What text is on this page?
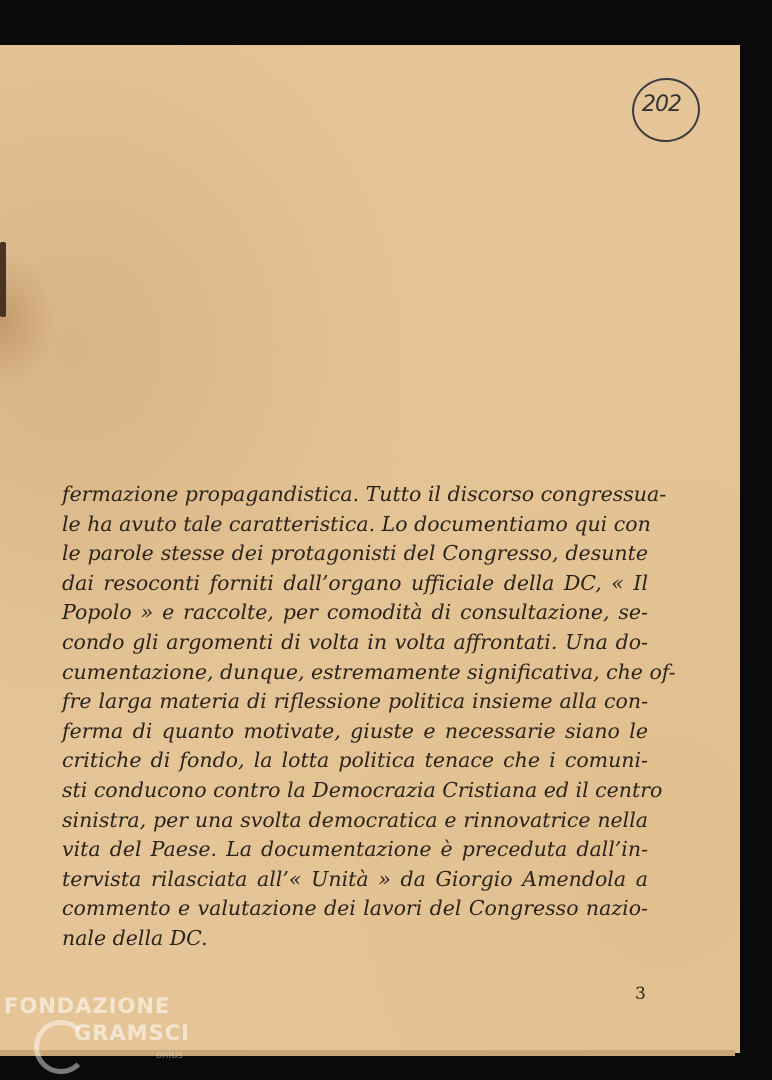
202
fermazione propagandistica. Tutto il discorso congressua-
le ha avuto tale caratteristica. Lo documentiamo qui con
le parole stesse dei protagonisti del Congresso, desunte
dai resoconti forniti dall’organo ufficiale della DC, « Il
Popolo » e raccolte, per comodità di consultazione, se-
condo gli argomenti di volta in volta affrontati. Una do-
cumentazione, dunque, estremamente significativa, che of-
fre larga materia di riflessione politica insieme alla con-
ferma di quanto motivate, giuste e necessarie siano le
critiche di fondo, la lotta politica tenace che i comuni-
sti conducono contro la Democrazia Cristiana ed il centro
sinistra, per una svolta democratica e rinnovatrice nella
vita del Paese. La documentazione è preceduta dall’in-
tervista rilasciata all’« Unità » da Giorgio Amendola a
commento e valutazione dei lavori del Congresso nazio-
nale della DC.
3
FONDAZIONE
GRAMSCI
onlus
